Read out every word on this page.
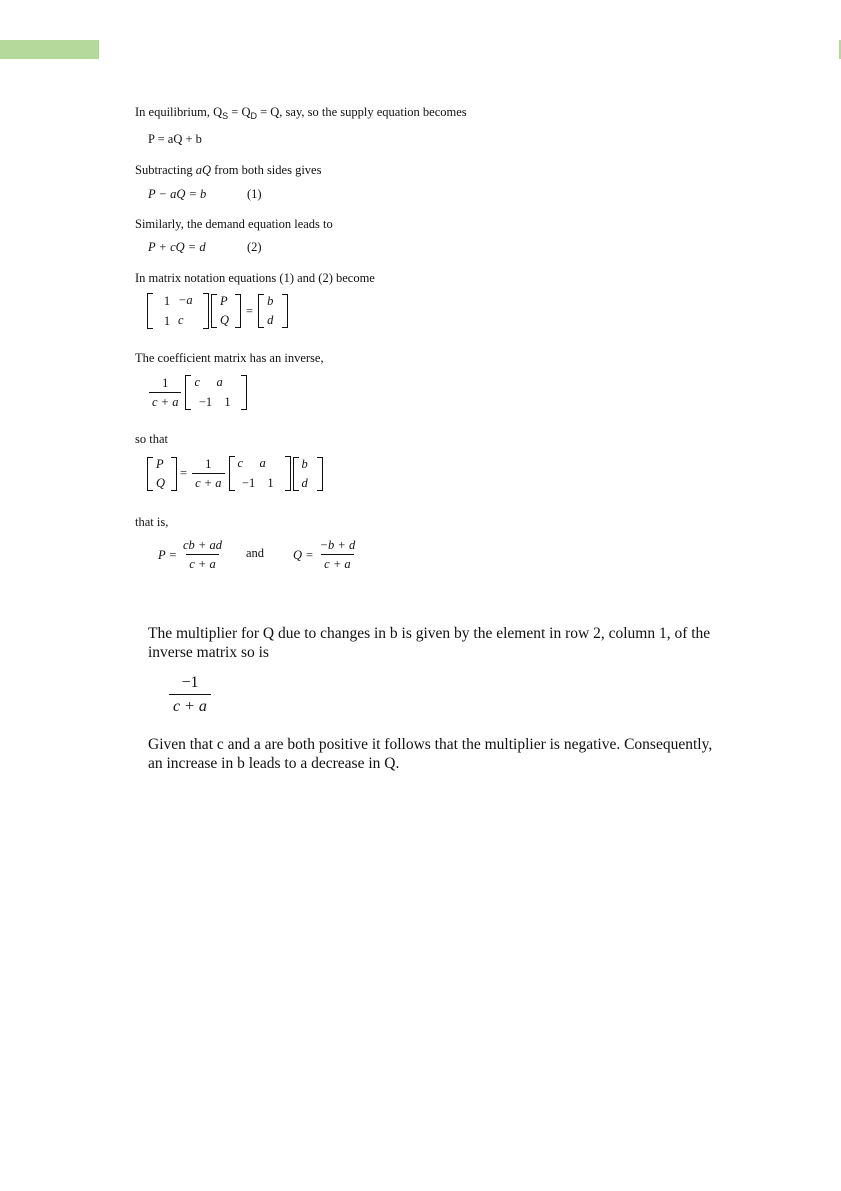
In equilibrium, $Q_S = Q_D = Q$, say, so the supply equation becomes
P = aQ + b
Subtracting aQ from both sides gives
P − aQ = b	(1)
Similarly, the demand equation leads to
P + cQ = d	(2)
In matrix notation equations (1) and (2) become
1 −a
1 c
P
Q
=
b
d
The coefficient matrix has an inverse,
$\frac{1}{c + a}$ c	a
−1 1
so that
P
Q
= $\frac{1}{c + a}$ c	a
−1 1
b
d
that is,
$P = \frac{cb + ad}{c + a}$ and $Q = \frac{-b + d}{c + a}$
The multiplier for Q due to changes in b is given by the element in row 2, column 1, of the
inverse matrix so is
$\frac{-1}{c + a}$
Given that c and a are both positive it follows that the multiplier is negative. Consequently,
an increase in b leads to a decrease in Q.
